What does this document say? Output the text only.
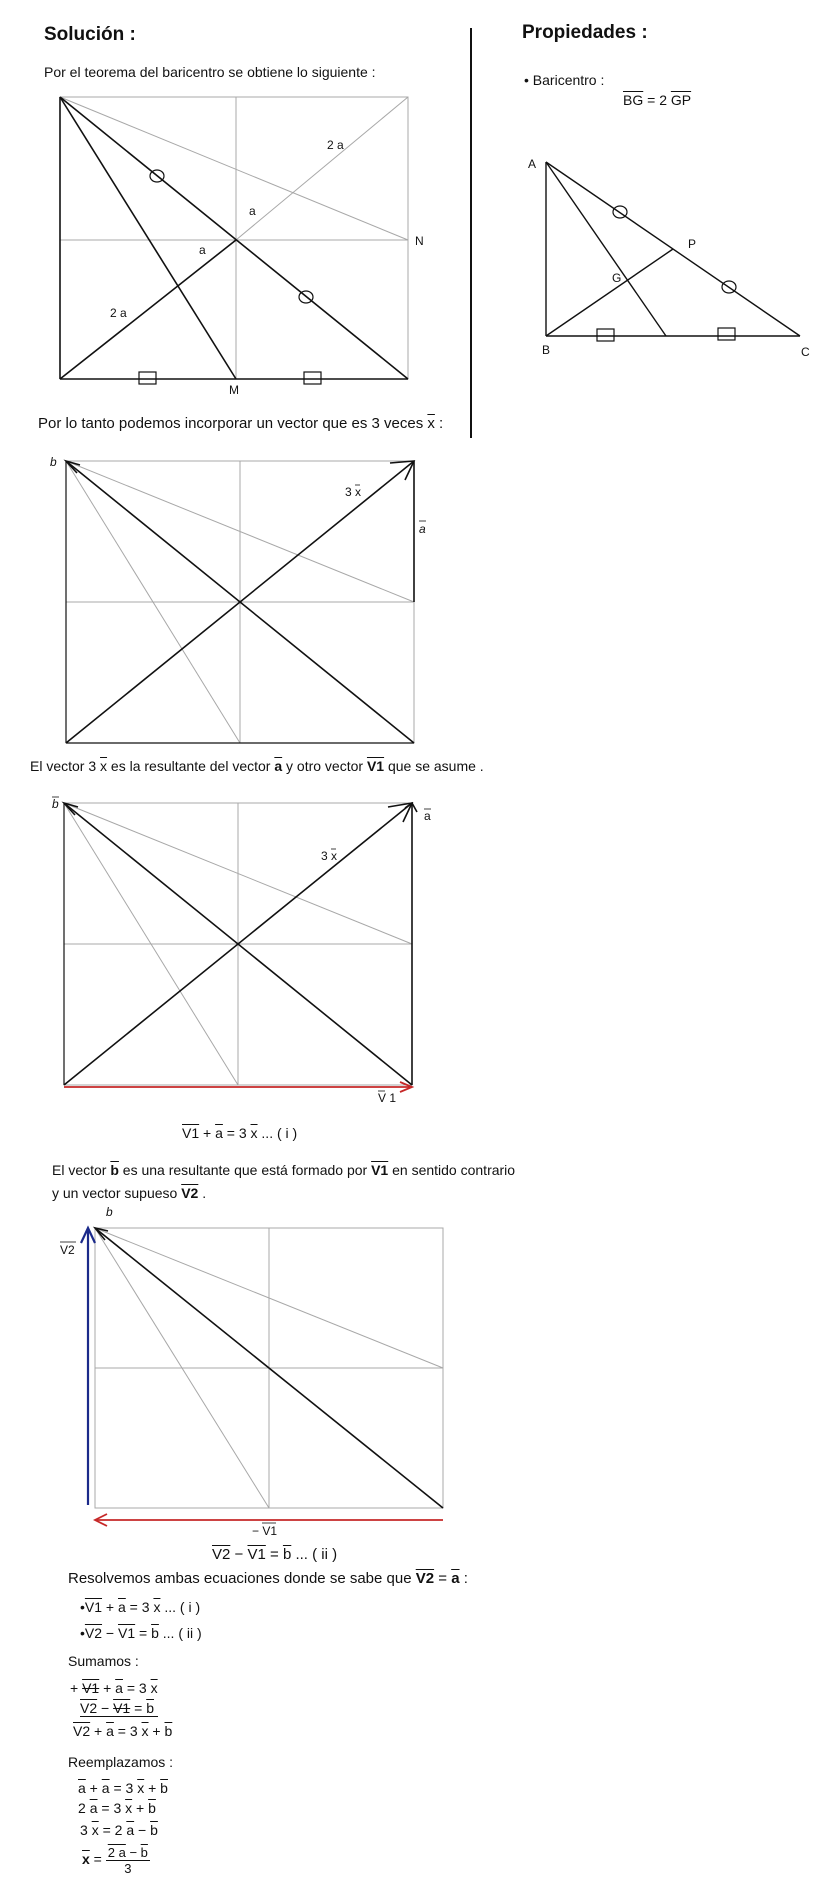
Solución :	Propiedades :
Por el teorema del baricentro se obtiene lo siguiente :
2 a
a
a
2 a
N
M
A
B	C
P
G
b
3 x
a
b
a
3 x
V 1
b
V2
− V1
• Baricentro :
$\overline{BG} = 2$ $\overline{GP}$
Por lo tanto podemos incorporar un vector que es 3 veces $\overline{x}$ :
El vector 3 $\overline{x}$ es la resultante del vector $\overline{a}$ y otro vector V1 que se asume .
$V1 + \overline{a} = 3$ $\overline{x}$ ... ( i )
El vector $\overline{b}$ es una resultante que está formado por V1 en sentido contrario
y un vector supueso V2 .
$V2 - V1 = \overline{b}$ ... ( ii )
Resolvemos ambas ecuaciones donde se sabe que $V2 = \overline{a}$ :
•V1 + $\overline{a} = 3$ $\overline{x}$ ... ( i )
•V2 − $V1 = \overline{b}$ ... ( ii )
Sumamos :
+ $V1 + \overline{a} = 3$ $\overline{x}$
$V2 - V1 = \overline{b}$
$V2 + \overline{a} = 3$ $\overline{x} + \overline{b}$
Reemplazamos :
$\overline{a} + \overline{a} = 3$ $\overline{x} + \overline{b}$
2 $\overline{a} = 3$ $\overline{x} + \overline{b}$
3 $\overline{x} = 2$ $\overline{a} - \overline{b}$
$\overline{x} = \frac{2 a - \overline{b}}{3}$
